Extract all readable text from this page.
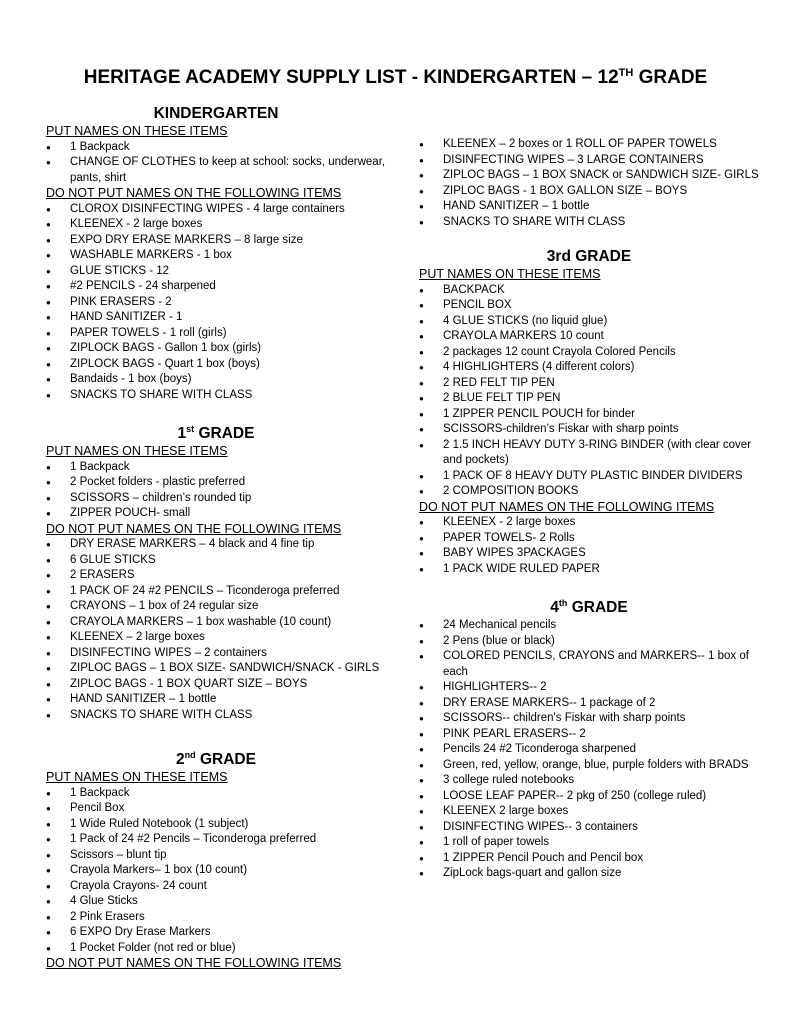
HERITAGE ACADEMY SUPPLY LIST - KINDERGARTEN – 12TH GRADE
KINDERGARTEN
PUT NAMES ON THESE ITEMS
● 1 Backpack
● CHANGE OF CLOTHES to keep at school: socks, underwear, pants, shirt
DO NOT PUT NAMES ON THE FOLLOWING ITEMS
● CLOROX DISINFECTING WIPES - 4 large containers
● KLEENEX - 2 large boxes
● EXPO DRY ERASE MARKERS – 8 large size
● WASHABLE MARKERS - 1 box
● GLUE STICKS - 12
● #2 PENCILS - 24 sharpened
● PINK ERASERS - 2
● HAND SANITIZER - 1
● PAPER TOWELS - 1 roll (girls)
● ZIPLOCK BAGS - Gallon 1 box (girls)
● ZIPLOCK BAGS - Quart 1 box (boys)
● Bandaids - 1 box (boys)
● SNACKS TO SHARE WITH CLASS
1st GRADE
PUT NAMES ON THESE ITEMS
● 1 Backpack
● 2 Pocket folders - plastic preferred
● SCISSORS – children’s rounded tip
● ZIPPER POUCH- small
DO NOT PUT NAMES ON THE FOLLOWING ITEMS
● DRY ERASE MARKERS – 4 black and 4 fine tip
● 6 GLUE STICKS
● 2 ERASERS
● 1 PACK OF 24 #2 PENCILS – Ticonderoga preferred
● CRAYONS – 1 box of 24 regular size
● CRAYOLA MARKERS – 1 box washable (10 count)
● KLEENEX – 2 large boxes
● DISINFECTING WIPES – 2 containers
● ZIPLOC BAGS – 1 BOX SIZE- SANDWICH/SNACK - GIRLS
● ZIPLOC BAGS - 1 BOX QUART SIZE – BOYS
● HAND SANITIZER – 1 bottle
● SNACKS TO SHARE WITH CLASS
2nd GRADE
PUT NAMES ON THESE ITEMS
● 1 Backpack
● Pencil Box
● 1 Wide Ruled Notebook (1 subject)
● 1 Pack of 24 #2 Pencils – Ticonderoga preferred
● Scissors – blunt tip
● Crayola Markers– 1 box (10 count)
● Crayola Crayons- 24 count
● 4 Glue Sticks
● 2 Pink Erasers
● 6 EXPO Dry Erase Markers
● 1 Pocket Folder (not red or blue)
DO NOT PUT NAMES ON THE FOLLOWING ITEMS
● KLEENEX – 2 boxes or 1 ROLL OF PAPER TOWELS
● DISINFECTING WIPES – 3 LARGE CONTAINERS
● ZIPLOC BAGS – 1 BOX SNACK or SANDWICH SIZE- GIRLS
● ZIPLOC BAGS - 1 BOX GALLON SIZE – BOYS
● HAND SANITIZER – 1 bottle
● SNACKS TO SHARE WITH CLASS
3rd GRADE
PUT NAMES ON THESE ITEMS
● BACKPACK
● PENCIL BOX
● 4 GLUE STICKS (no liquid glue)
● CRAYOLA MARKERS 10 count
● 2 packages 12 count Crayola Colored Pencils
● 4 HIGHLIGHTERS (4 different colors)
● 2 RED FELT TIP PEN
● 2 BLUE FELT TIP PEN
● 1 ZIPPER PENCIL POUCH for binder
● SCISSORS-children’s Fiskar with sharp points
● 2 1.5 INCH HEAVY DUTY 3-RING BINDER (with clear cover and pockets)
● 1 PACK OF 8 HEAVY DUTY PLASTIC BINDER DIVIDERS
● 2 COMPOSITION BOOKS
DO NOT PUT NAMES ON THE FOLLOWING ITEMS
● KLEENEX - 2 large boxes
● PAPER TOWELS- 2 Rolls
● BABY WIPES 3PACKAGES
● 1 PACK WIDE RULED PAPER
4th GRADE
● 24 Mechanical pencils
● 2 Pens (blue or black)
● COLORED PENCILS, CRAYONS and MARKERS-- 1 box of each
● HIGHLIGHTERS-- 2
● DRY ERASE MARKERS-- 1 package of 2
● SCISSORS-- children's Fiskar with sharp points
● PINK PEARL ERASERS-- 2
● Pencils 24 #2 Ticonderoga sharpened
● Green, red, yellow, orange, blue, purple folders with BRADS
● 3 college ruled notebooks
● LOOSE LEAF PAPER-- 2 pkg of 250 (college ruled)
● KLEENEX 2 large boxes
● DISINFECTING WIPES-- 3 containers
● 1 roll of paper towels
● 1 ZIPPER Pencil Pouch and Pencil box
● ZipLock bags-quart and gallon size
